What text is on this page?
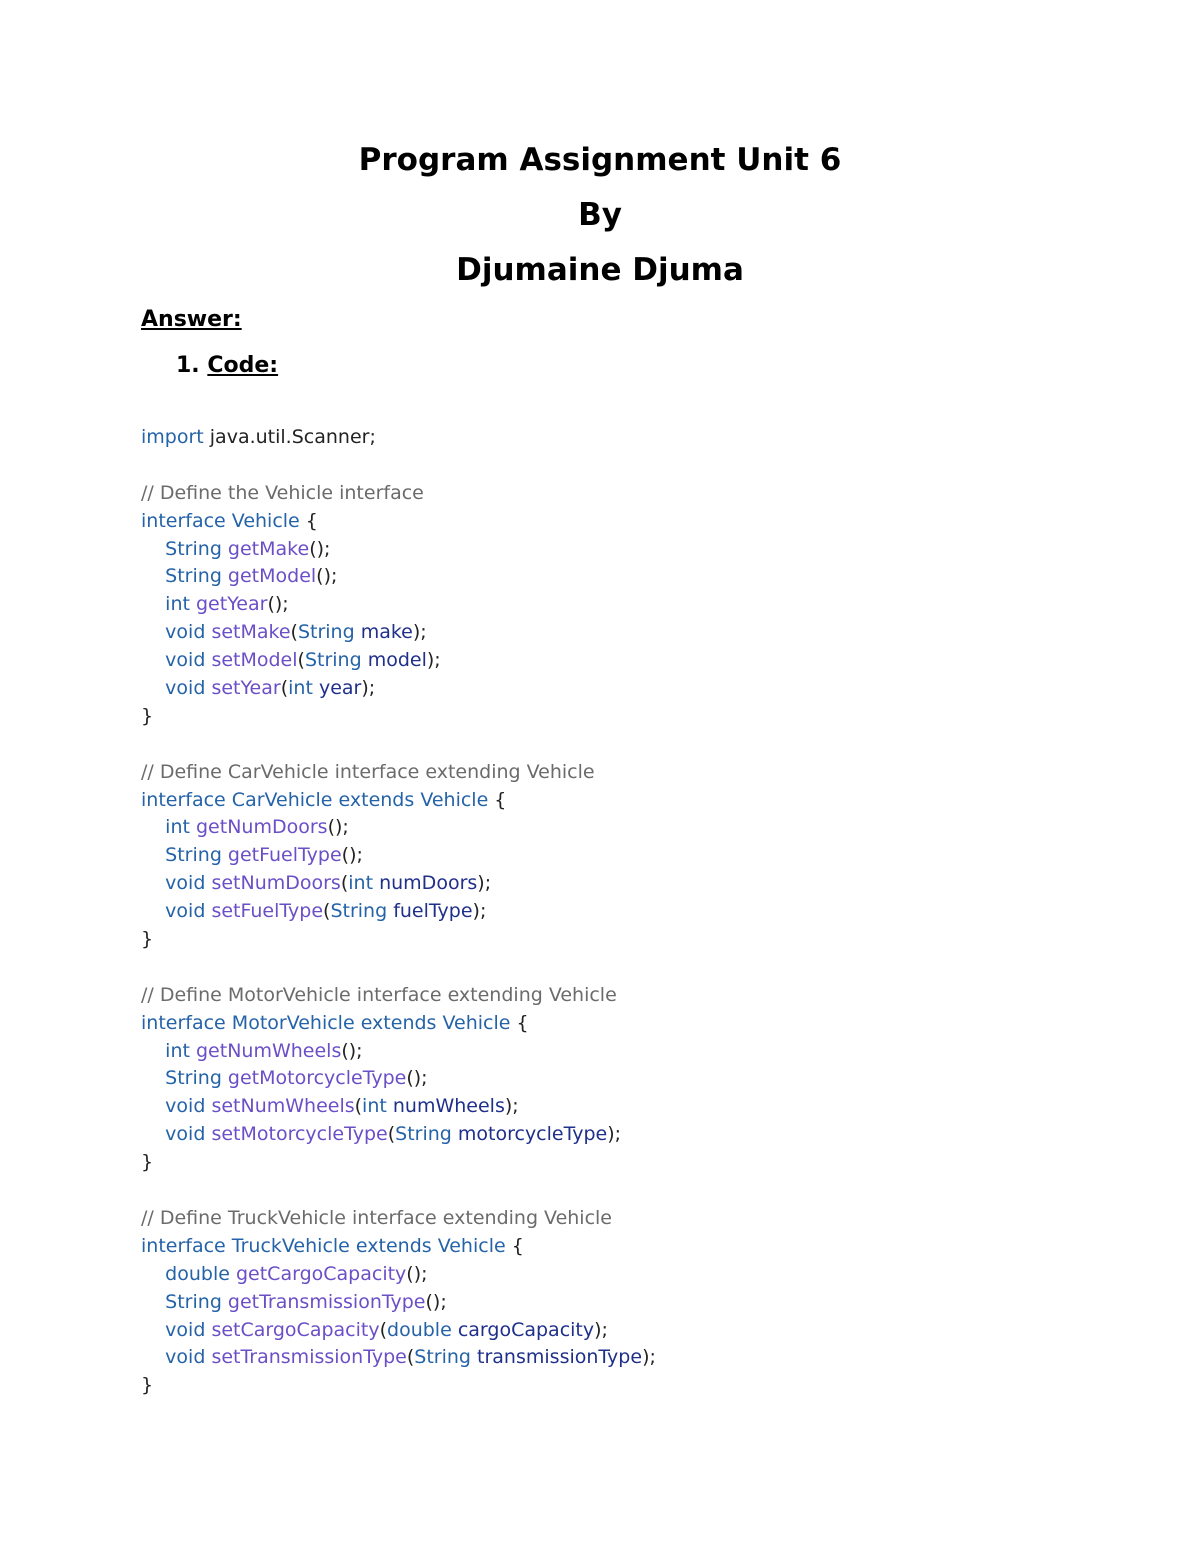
Program Assignment Unit 6
By
Djumaine Djuma

Answer:

1. Code:

import java.util.Scanner;

// Define the Vehicle interface
interface Vehicle {
String getMake();
String getModel();
int getYear();
void setMake(String make);
void setModel(String model);
void setYear(int year);
}

// Define CarVehicle interface extending Vehicle
interface CarVehicle extends Vehicle {
int getNumDoors();
String getFuelType();
void setNumDoors(int numDoors);
void setFuelType(String fuelType);
}

// Define MotorVehicle interface extending Vehicle
interface MotorVehicle extends Vehicle {
int getNumWheels();
String getMotorcycleType();
void setNumWheels(int numWheels);
void setMotorcycleType(String motorcycleType);
}

// Define TruckVehicle interface extending Vehicle
interface TruckVehicle extends Vehicle {
double getCargoCapacity();
String getTransmissionType();
void setCargoCapacity(double cargoCapacity);
void setTransmissionType(String transmissionType);
}
